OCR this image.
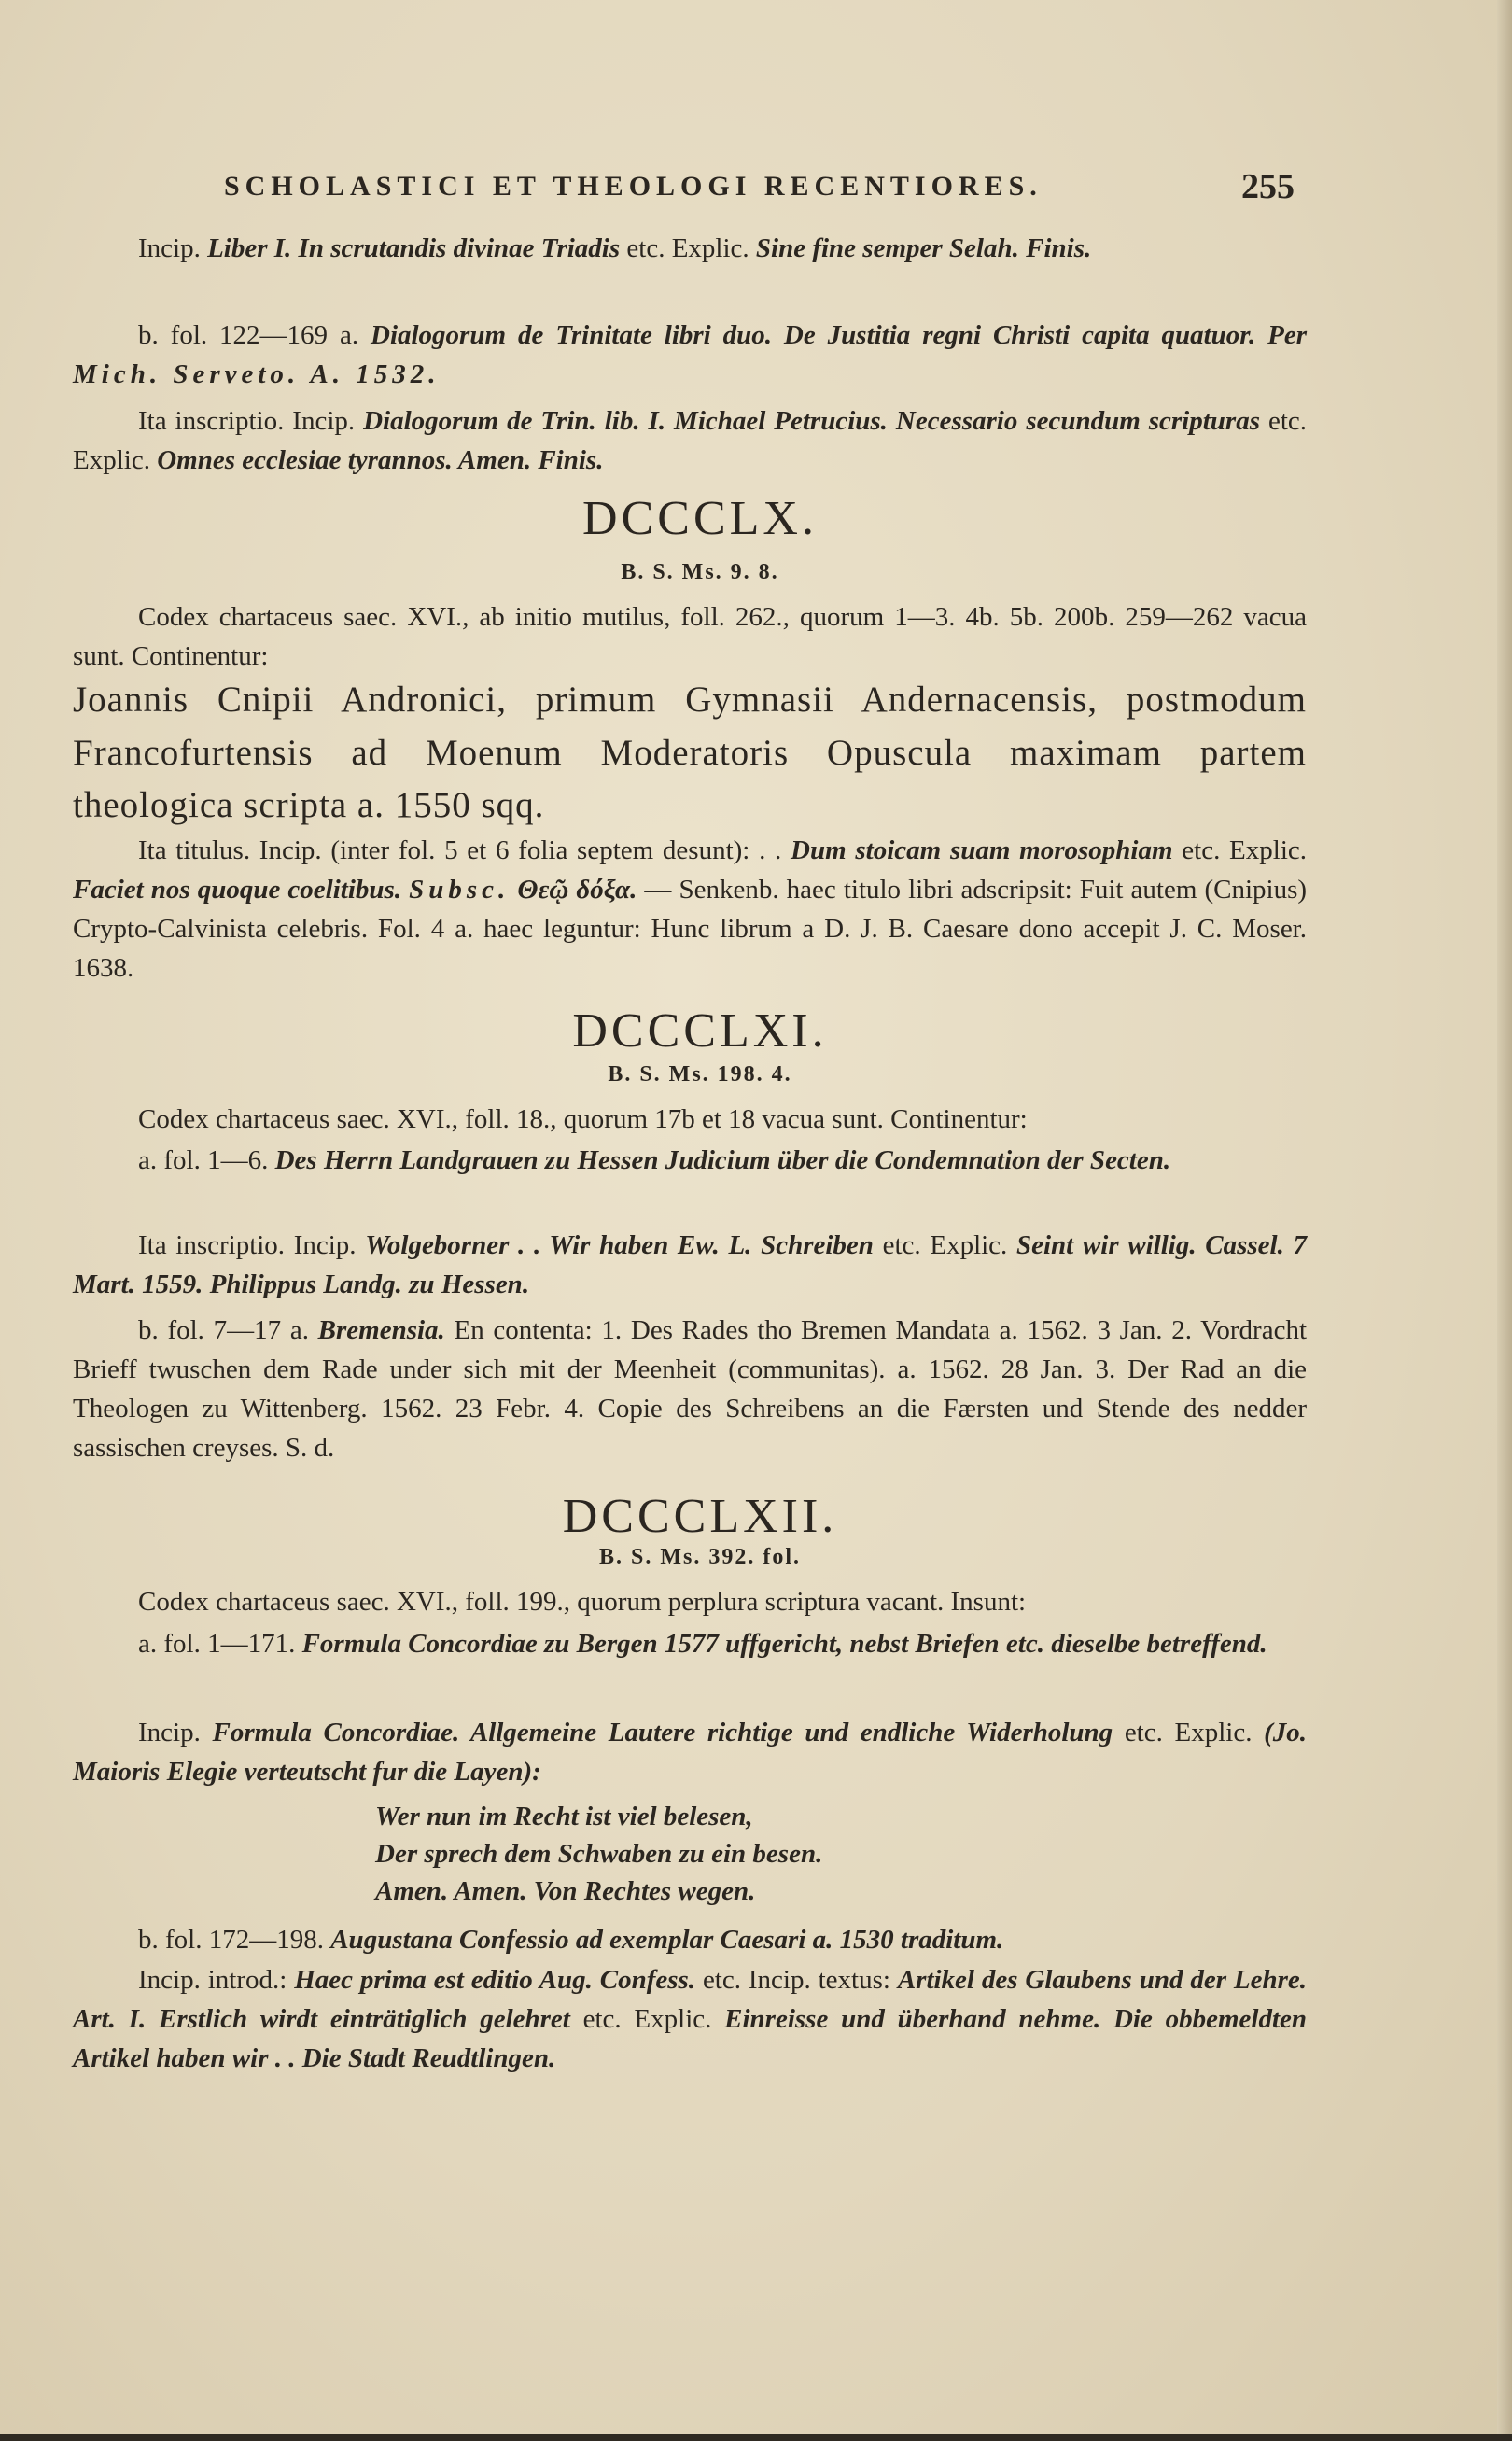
SCHOLASTICI ET THEOLOGI RECENTIORES.	255
Incip. Liber I. In scrutandis divinae Triadis etc. Explic. Sine fine semper Selah. Finis.
b. fol. 122—169 a. Dialogorum de Trinitate libri duo. De Justitia regni Christi capita quatuor. Per Mich. Serveto. A. 1532.
Ita inscriptio. Incip. Dialogorum de Trin. lib. I. Michael Petrucius. Necessario secundum scripturas etc. Explic. Omnes ecclesiae tyrannos. Amen. Finis.
DCCCLX.
B. S. Ms. 9. 8.
Codex chartaceus saec. XVI., ab initio mutilus, foll. 262., quorum 1—3. 4b. 5b. 200b. 259—262 vacua sunt. Continentur:
Joannis Cnipii Andronici, primum Gymnasii Andernacensis, postmodum Francofurtensis ad Moenum Moderatoris Opuscula maximam partem theologica scripta a. 1550 sqq.
Ita titulus. Incip. (inter fol. 5 et 6 folia septem desunt): . . Dum stoicam suam morosophiam etc. Explic. Faciet nos quoque coelitibus. Subsc. Θεῷ δόξα. — Senkenb. haec titulo libri adscripsit: Fuit autem (Cnipius) Crypto-Calvinista celebris. Fol. 4 a. haec leguntur: Hunc librum a D. J. B. Caesare dono accepit J. C. Moser. 1638.
DCCCLXI.
B. S. Ms. 198. 4.
Codex chartaceus saec. XVI., foll. 18., quorum 17b et 18 vacua sunt. Continentur:
a. fol. 1—6. Des Herrn Landgrauen zu Hessen Judicium über die Condemnation der Secten.
Ita inscriptio. Incip. Wolgeborner . . Wir haben Ew. L. Schreiben etc. Explic. Seint wir willig. Cassel. 7 Mart. 1559. Philippus Landg. zu Hessen.
b. fol. 7—17 a. Bremensia. En contenta: 1. Des Rades tho Bremen Mandata a. 1562. 3 Jan. 2. Vordracht Brieff twuschen dem Rade under sich mit der Meenheit (communitas). a. 1562. 28 Jan. 3. Der Rad an die Theologen zu Wittenberg. 1562. 23 Febr. 4. Copie des Schreibens an die Færsten und Stende des nedder sassischen creyses. S. d.
DCCCLXII.
B. S. Ms. 392. fol.
Codex chartaceus saec. XVI., foll. 199., quorum perplura scriptura vacant. Insunt:
a. fol. 1—171. Formula Concordiae zu Bergen 1577 uffgericht, nebst Briefen etc. dieselbe betreffend.
Incip. Formula Concordiae. Allgemeine Lautere richtige und endliche Widerholung etc. Explic. (Jo. Maioris Elegie verteutscht fur die Layen):
Wer nun im Recht ist viel belesen,
Der sprech dem Schwaben zu ein besen.
Amen. Amen. Von Rechtes wegen.
b. fol. 172—198. Augustana Confessio ad exemplar Caesari a. 1530 traditum.
Incip. introd.: Haec prima est editio Aug. Confess. etc. Incip. textus: Artikel des Glaubens und der Lehre. Art. I. Erstlich wirdt einträtiglich gelehret etc. Explic. Einreisse und überhand nehme. Die obbemeldten Artikel haben wir . . Die Stadt Reudtlingen.
